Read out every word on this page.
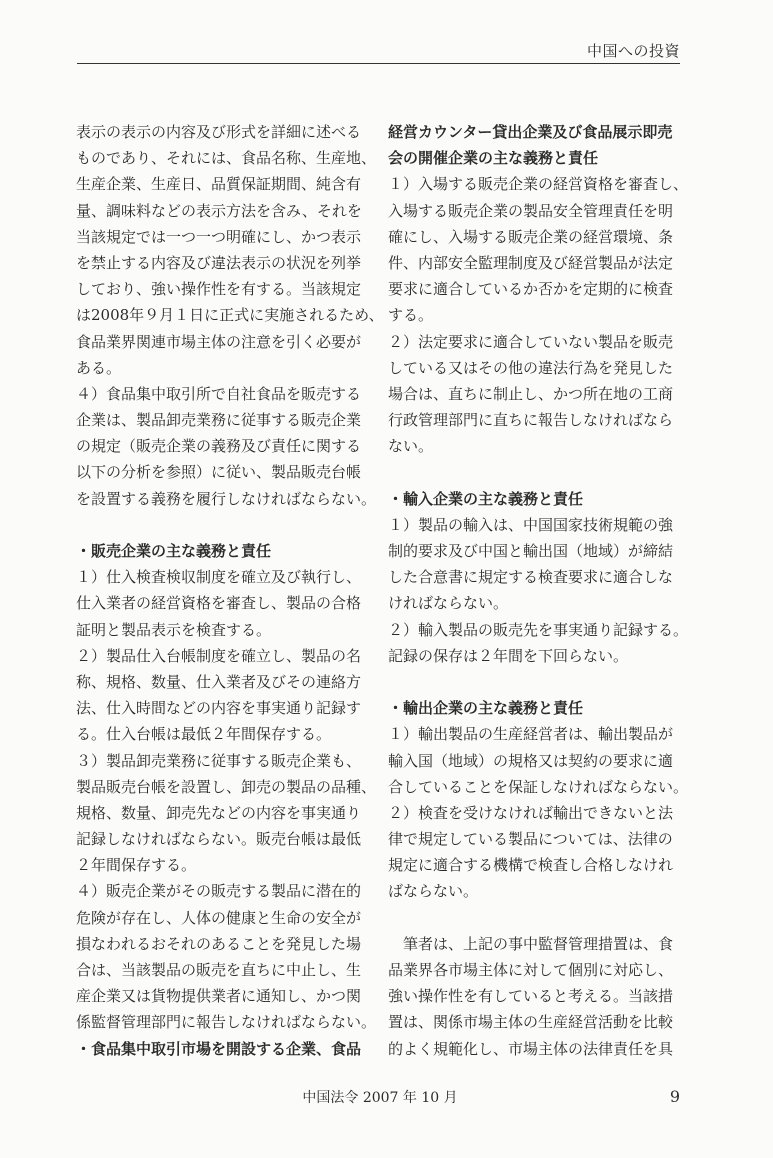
中国への投資
表示の表示の内容及び形式を詳細に述べる
ものであり、それには、食品名称、生産地、
生産企業、生産日、品質保証期間、純含有
量、調味料などの表示方法を含み、それを
当該規定では一つ一つ明確にし、かつ表示
を禁止する内容及び違法表示の状況を列挙
しており、強い操作性を有する。当該規定
は2008年９月１日に正式に実施されるため、
食品業界関連市場主体の注意を引く必要が
ある。
４）食品集中取引所で自社食品を販売する
企業は、製品卸売業務に従事する販売企業
の規定（販売企業の義務及び責任に関する
以下の分析を参照）に従い、製品販売台帳
を設置する義務を履行しなければならない。
・販売企業の主な義務と責任
１）仕入検査検収制度を確立及び執行し、
仕入業者の経営資格を審査し、製品の合格
証明と製品表示を検査する。
２）製品仕入台帳制度を確立し、製品の名
称、規格、数量、仕入業者及びその連絡方
法、仕入時間などの内容を事実通り記録す
る。仕入台帳は最低２年間保存する。
３）製品卸売業務に従事する販売企業も、
製品販売台帳を設置し、卸売の製品の品種、
規格、数量、卸売先などの内容を事実通り
記録しなければならない。販売台帳は最低
２年間保存する。
４）販売企業がその販売する製品に潜在的
危険が存在し、人体の健康と生命の安全が
損なわれるおそれのあることを発見した場
合は、当該製品の販売を直ちに中止し、生
産企業又は貨物提供業者に通知し、かつ関
係監督管理部門に報告しなければならない。
・食品集中取引市場を開設する企業、食品
経営カウンター貸出企業及び食品展示即売
会の開催企業の主な義務と責任
１）入場する販売企業の経営資格を審査し、
入場する販売企業の製品安全管理責任を明
確にし、入場する販売企業の経営環境、条
件、内部安全監理制度及び経営製品が法定
要求に適合しているか否かを定期的に検査
する。
２）法定要求に適合していない製品を販売
している又はその他の違法行為を発見した
場合は、直ちに制止し、かつ所在地の工商
行政管理部門に直ちに報告しなければなら
ない。
・輸入企業の主な義務と責任
１）製品の輸入は、中国国家技術規範の強
制的要求及び中国と輸出国（地域）が締結
した合意書に規定する検査要求に適合しな
ければならない。
２）輸入製品の販売先を事実通り記録する。
記録の保存は２年間を下回らない。
・輸出企業の主な義務と責任
１）輸出製品の生産経営者は、輸出製品が
輸入国（地域）の規格又は契約の要求に適
合していることを保証しなければならない。
２）検査を受けなければ輸出できないと法
律で規定している製品については、法律の
規定に適合する機構で検査し合格しなけれ
ばならない。
　筆者は、上記の事中監督管理措置は、食
品業界各市場主体に対して個別に対応し、
強い操作性を有していると考える。当該措
置は、関係市場主体の生産経営活動を比較
的よく規範化し、市場主体の法律責任を具
中国法令 2007 年 10 月	9
